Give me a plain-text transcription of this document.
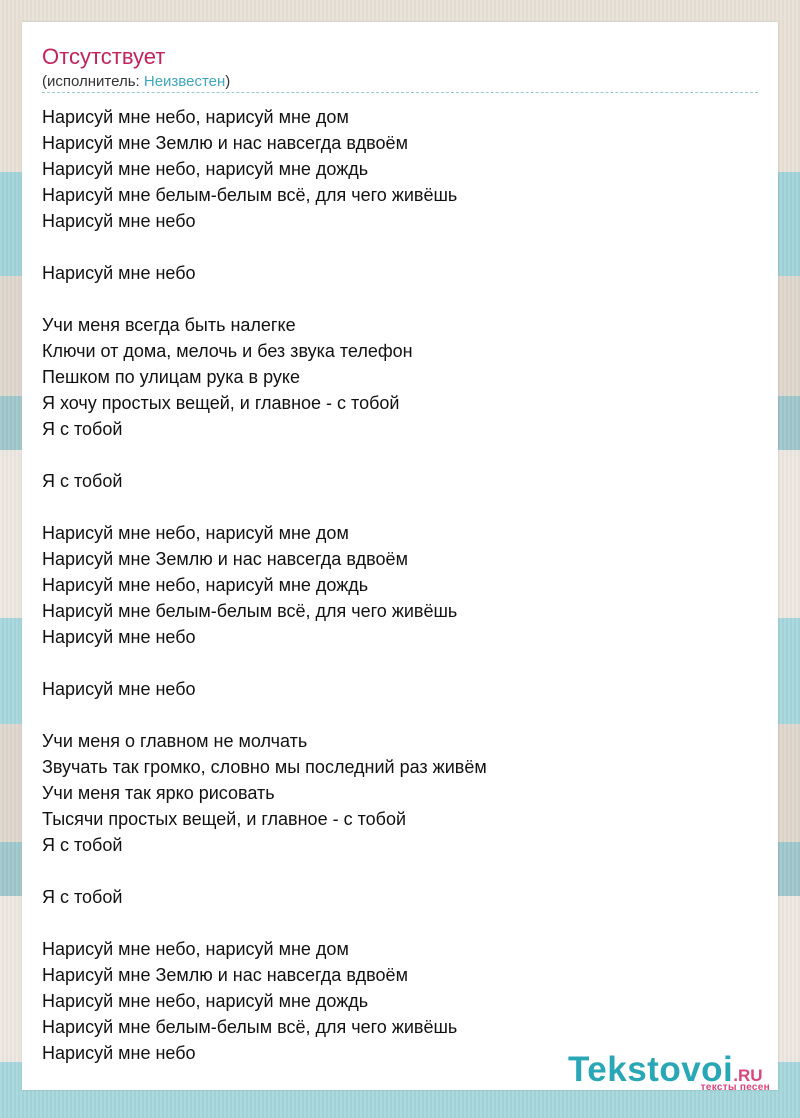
Отсутствует
(исполнитель: Неизвестен)
Нарисуй мне небо, нарисуй мне дом
Нарисуй мне Землю и нас навсегда вдвоём
Нарисуй мне небо, нарисуй мне дождь
Нарисуй мне белым-белым всё, для чего живёшь
Нарисуй мне небо
Нарисуй мне небо
Учи меня всегда быть налегке
Ключи от дома, мелочь и без звука телефон
Пешком по улицам рука в руке
Я хочу простых вещей, и главное - с тобой
Я с тобой
Я с тобой
Нарисуй мне небо, нарисуй мне дом
Нарисуй мне Землю и нас навсегда вдвоём
Нарисуй мне небо, нарисуй мне дождь
Нарисуй мне белым-белым всё, для чего живёшь
Нарисуй мне небо
Нарисуй мне небо
Учи меня о главном не молчать
Звучать так громко, словно мы последний раз живём
Учи меня так ярко рисовать
Тысячи простых вещей, и главное - с тобой
Я с тобой
Я с тобой
Нарисуй мне небо, нарисуй мне дом
Нарисуй мне Землю и нас навсегда вдвоём
Нарисуй мне небо, нарисуй мне дождь
Нарисуй мне белым-белым всё, для чего живёшь
Нарисуй мне небо	Tekstovoi.RU
тексты песен
